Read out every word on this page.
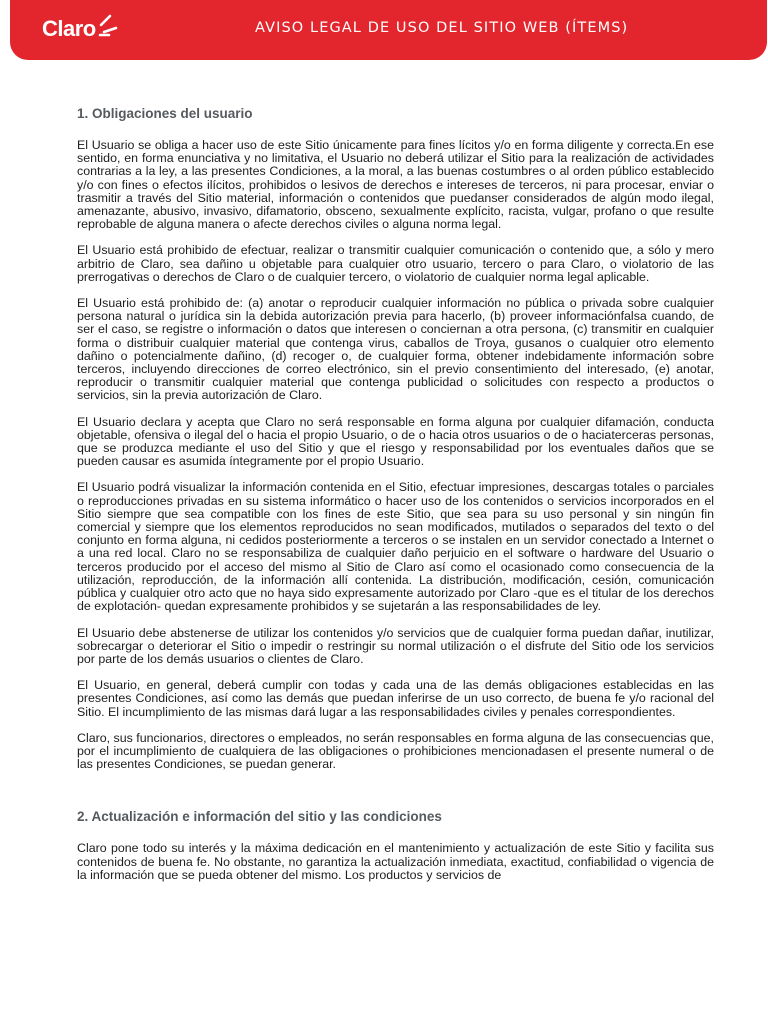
Claro	AVISO LEGAL DE USO DEL SITIO WEB (ÍTEMS)
1. Obligaciones del usuario

El Usuario se obliga a hacer uso de este Sitio únicamente para fines lícitos y/o en forma diligente y correcta.En ese sentido, en forma enunciativa y no limitativa, el Usuario no deberá utilizar el Sitio para la realización de actividades contrarias a la ley, a las presentes Condiciones, a la moral, a las buenas costumbres o al orden público establecido y/o con fines o efectos ilícitos, prohibidos o lesivos de derechos e intereses de terceros, ni para procesar, enviar o trasmitir a través del Sitio material, información o contenidos que puedanser considerados de algún modo ilegal, amenazante, abusivo, invasivo, difamatorio, obsceno, sexualmente explícito, racista, vulgar, profano o que resulte reprobable de alguna manera o afecte derechos civiles o alguna norma legal.

El Usuario está prohibido de efectuar, realizar o transmitir cualquier comunicación o contenido que, a sólo y mero arbitrio de Claro, sea dañino u objetable para cualquier otro usuario, tercero o para Claro, o violatorio de las prerrogativas o derechos de Claro o de cualquier tercero, o violatorio de cualquier norma legal aplicable.

El Usuario está prohibido de: (a) anotar o reproducir cualquier información no pública o privada sobre cualquier persona natural o jurídica sin la debida autorización previa para hacerlo, (b) proveer informaciónfalsa cuando, de ser el caso, se registre o información o datos que interesen o conciernan a otra persona, (c) transmitir en cualquier forma o distribuir cualquier material que contenga virus, caballos de Troya, gusanos o cualquier otro elemento dañino o potencialmente dañino, (d) recoger o, de cualquier forma, obtener indebidamente información sobre terceros, incluyendo direcciones de correo electrónico, sin el previo consentimiento del interesado, (e) anotar, reproducir o transmitir cualquier material que contenga publicidad o solicitudes con respecto a productos o servicios, sin la previa autorización de Claro.

El Usuario declara y acepta que Claro no será responsable en forma alguna por cualquier difamación, conducta objetable, ofensiva o ilegal del o hacia el propio Usuario, o de o hacia otros usuarios o de o haciaterceras personas, que se produzca mediante el uso del Sitio y que el riesgo y responsabilidad por los eventuales daños que se pueden causar es asumida íntegramente por el propio Usuario.

El Usuario podrá visualizar la información contenida en el Sitio, efectuar impresiones, descargas totales o parciales o reproducciones privadas en su sistema informático o hacer uso de los contenidos o servicios incorporados en el Sitio siempre que sea compatible con los fines de este Sitio, que sea para su uso personal y sin ningún fin comercial y siempre que los elementos reproducidos no sean modificados, mutilados o separados del texto o del conjunto en forma alguna, ni cedidos posteriormente a terceros o se instalen en un servidor conectado a Internet o a una red local. Claro no se responsabiliza de cualquier daño perjuicio en el software o hardware del Usuario o terceros producido por el acceso del mismo al Sitio de Claro así como el ocasionado como consecuencia de la utilización, reproducción, de la información allí contenida. La distribución, modificación, cesión, comunicación pública y cualquier otro acto que no haya sido expresamente autorizado por Claro -que es el titular de los derechos de explotación- quedan expresamente prohibidos y se sujetarán a las responsabilidades de ley.

El Usuario debe abstenerse de utilizar los contenidos y/o servicios que de cualquier forma puedan dañar, inutilizar, sobrecargar o deteriorar el Sitio o impedir o restringir su normal utilización o el disfrute del Sitio ode los servicios por parte de los demás usuarios o clientes de Claro.

El Usuario, en general, deberá cumplir con todas y cada una de las demás obligaciones establecidas en las presentes Condiciones, así como las demás que puedan inferirse de un uso correcto, de buena fe y/o racional del Sitio. El incumplimiento de las mismas dará lugar a las responsabilidades civiles y penales correspondientes.

Claro, sus funcionarios, directores o empleados, no serán responsables en forma alguna de las consecuencias que, por el incumplimiento de cualquiera de las obligaciones o prohibiciones mencionadasen el presente numeral o de las presentes Condiciones, se puedan generar.

2. Actualización e información del sitio y las condiciones

Claro pone todo su interés y la máxima dedicación en el mantenimiento y actualización de este Sitio y facilita sus contenidos de buena fe. No obstante, no garantiza la actualización inmediata, exactitud, confiabilidad o vigencia de la información que se pueda obtener del mismo. Los productos y servicios de
